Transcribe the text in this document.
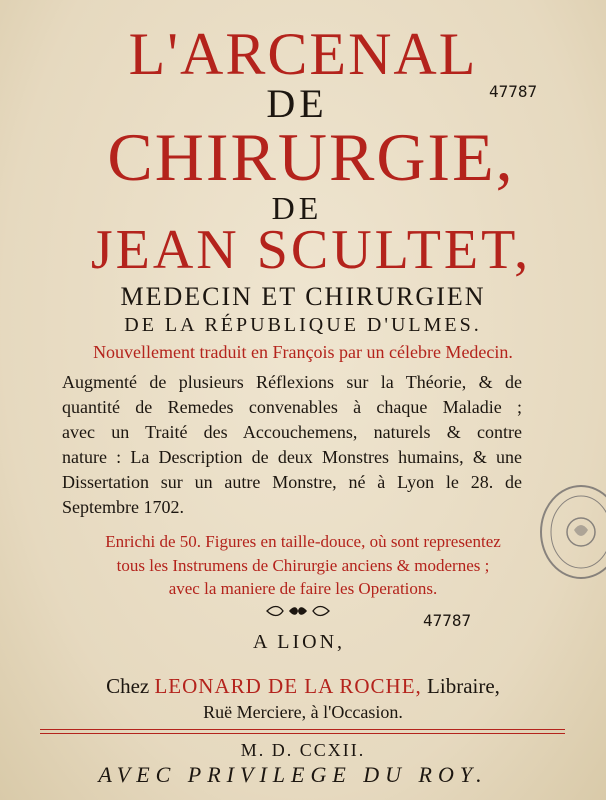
L'ARCENAL
DE
CHIRURGIE,
DE
JEAN SCULTET,
MEDECIN ET CHIRURGIEN
DE LA RÉPUBLIQUE D'ULMES.
Nouvellement traduit en François par un célebre Medecin.
Augmenté de plusieurs Réflexions sur la Théorie, & de
quantité de Remedes convenables à chaque Maladie ;
avec un Traité des Accouchemens, naturels & contre
nature : La Description de deux Monstres humains, & une
Dissertation sur un autre Monstre, né à Lyon le 28. de
Septembre 1702.
Enrichi de 50. Figures en taille-douce, où sont representez
tous les Instrumens de Chirurgie anciens & modernes ;
avec la maniere de faire les Operations.
A LION,
Chez LEONARD DE LA ROCHE, Libraire,
Ruë Merciere, à l'Occasion.
M. D. CCXII.
AVEC PRIVILEGE DU ROY.
47787
47787
